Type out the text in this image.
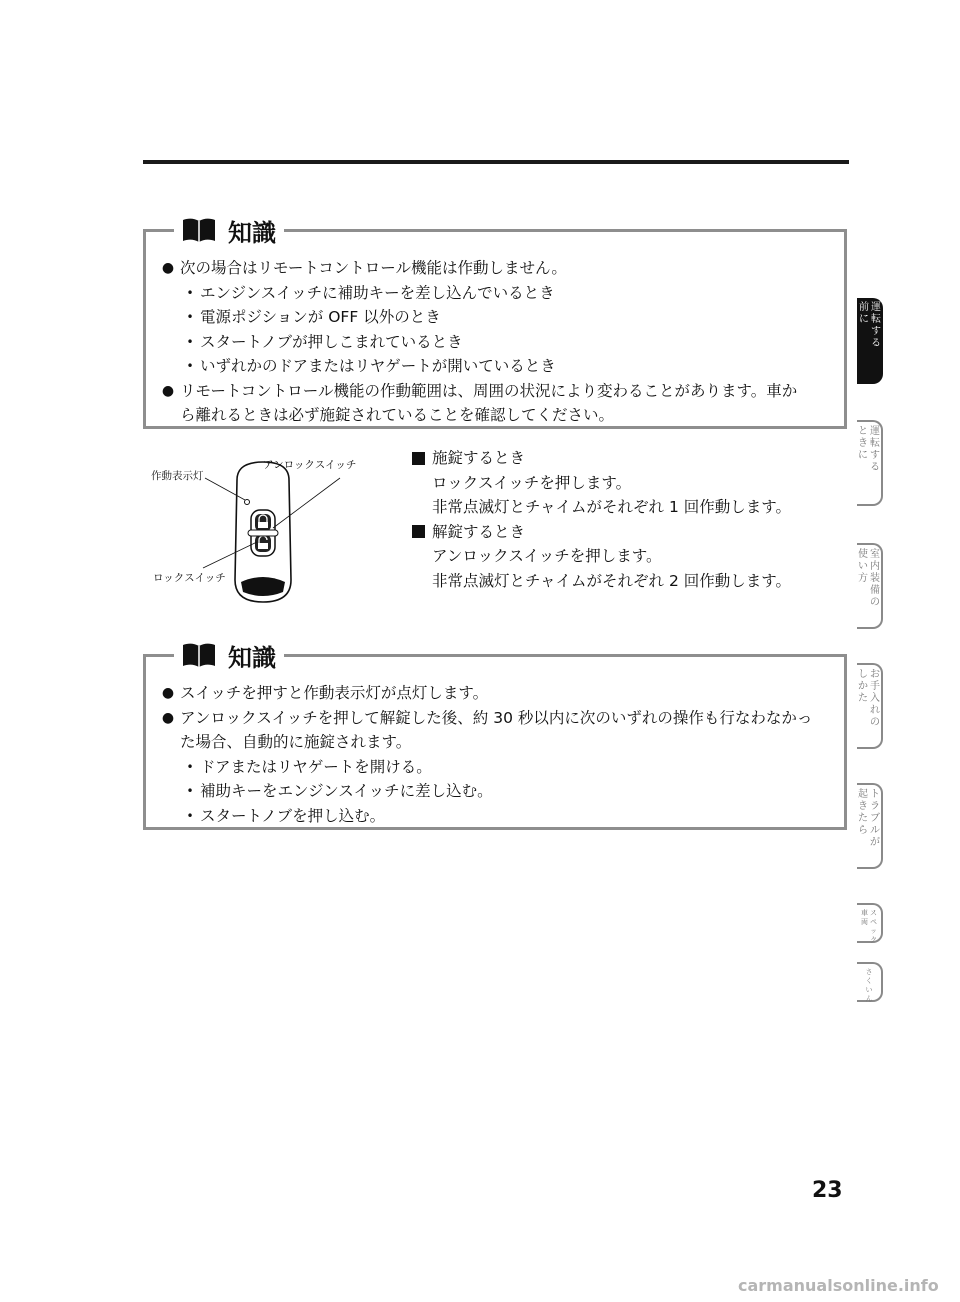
知識
● 次の場合はリモートコントロール機能は作動しません。
• エンジンスイッチに補助キーを差し込んでいるとき
• 電源ポジションが OFF 以外のとき
• スタートノブが押しこまれているとき
• いずれかのドアまたはリヤゲートが開いているとき
● リモートコントロール機能の作動範囲は、周囲の状況により変わることがあります。車か
ら離れるときは必ず施錠されていることを確認してください。
作動表示灯
アンロックスイッチ
ロックスイッチ
施錠するとき
ロックスイッチを押します。
非常点滅灯とチャイムがそれぞれ 1 回作動します。
解錠するとき
アンロックスイッチを押します。
非常点滅灯とチャイムがそれぞれ 2 回作動します。
知識
● スイッチを押すと作動表示灯が点灯します。
● アンロックスイッチを押して解錠した後、約 30 秒以内に次のいずれの操作も行なわなかっ
た場合、自動的に施錠されます。
• ドアまたはリヤゲートを開ける。
• 補助キーをエンジンスイッチに差し込む。
• スタートノブを押し込む。
前
に
運
転
す
る
と
き
に
運
転
す
る
使
い
方
室
内
装
備
の
し
か
た
お
手
入
れ
の
起
き
た
ら
ト
ラ
ブ
ル
が
車
両
ス
ペ
ッ
ク
さ
く
い
ん
23
carmanualsonline.info
